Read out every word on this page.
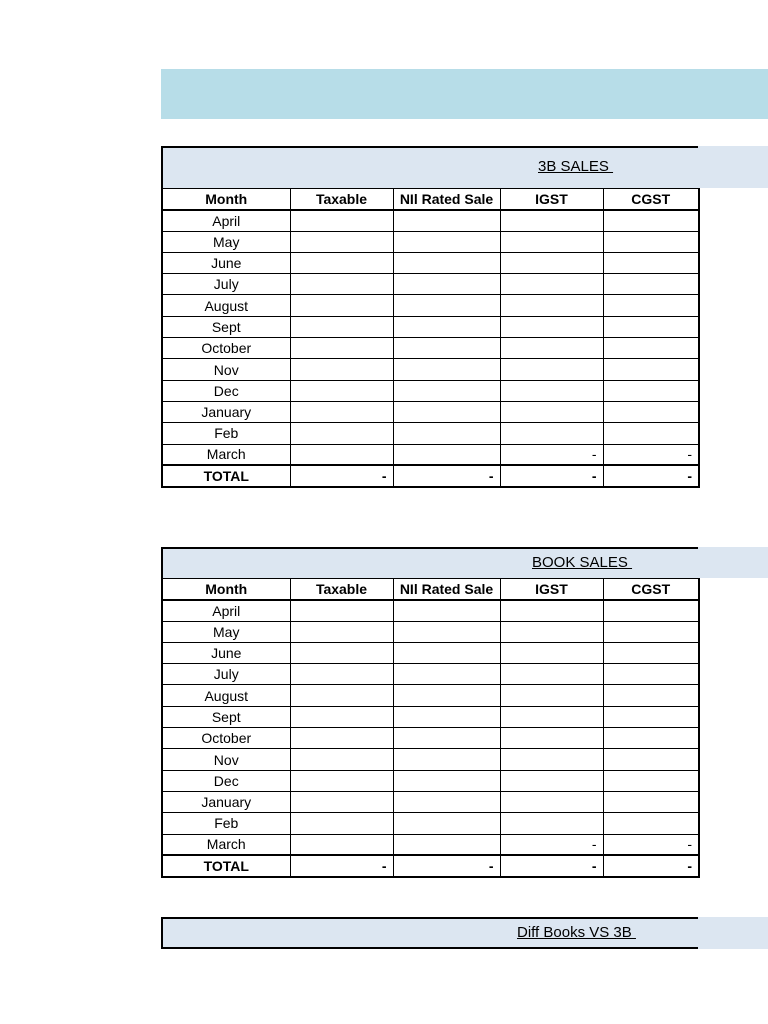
3B SALES
Month	Taxable	NIl Rated Sale	IGST	CGST
April				
May				
June				
July				
August				
Sept				
October				
Nov				
Dec				
January				
Feb				
March			-	-
TOTAL	-	-	-	-
BOOK SALES
Month	Taxable	NIl Rated Sale	IGST	CGST
April				
May				
June				
July				
August				
Sept				
October				
Nov				
Dec				
January				
Feb				
March			-	-
TOTAL	-	-	-	-
Diff Books VS 3B
